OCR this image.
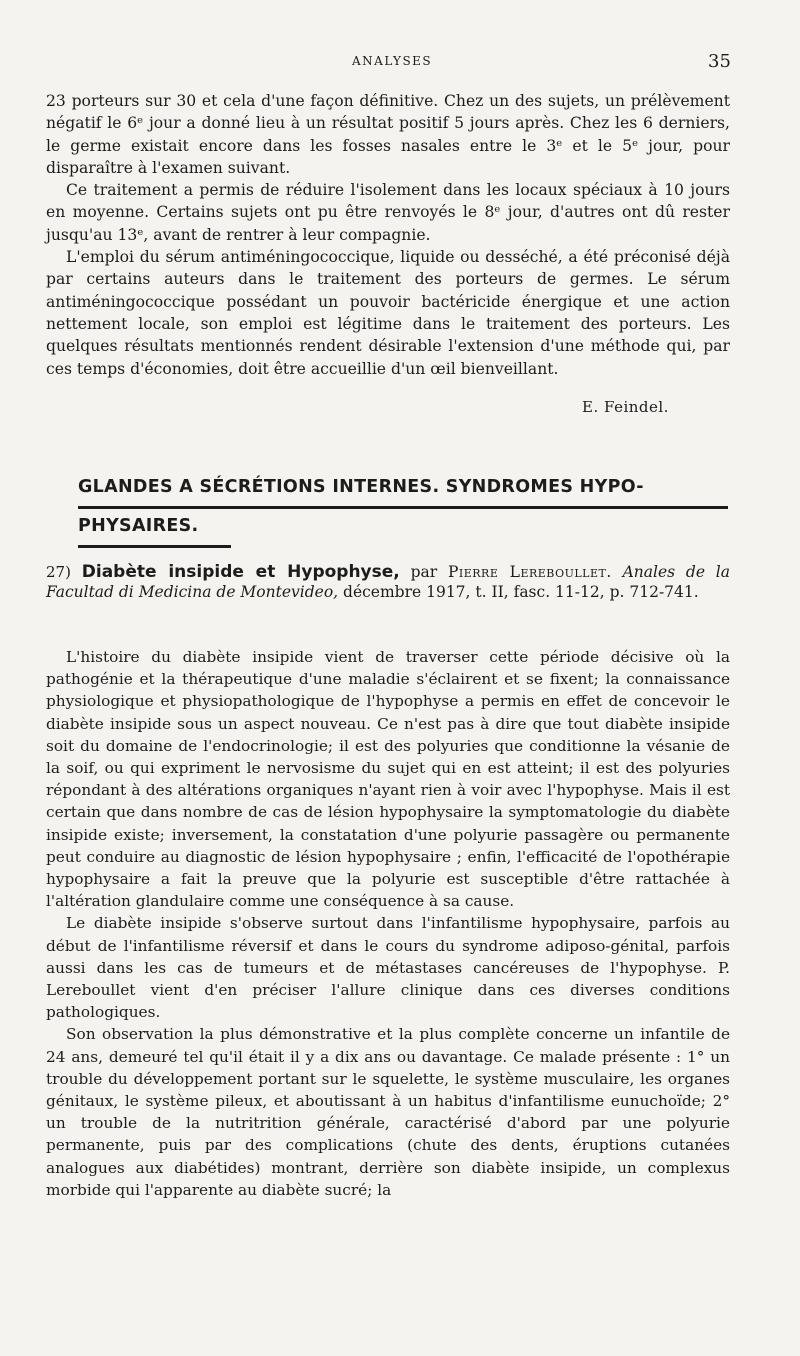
ANALYSES	35

23 porteurs sur 30 et cela d'une façon définitive. Chez un des sujets, un prélèvement négatif le 6ᵉ jour a donné lieu à un résultat positif 5 jours après. Chez les 6 derniers, le germe existait encore dans les fosses nasales entre le 3ᵉ et le 5ᵉ jour, pour disparaître à l'examen suivant.

Ce traitement a permis de réduire l'isolement dans les locaux spéciaux à 10 jours en moyenne. Certains sujets ont pu être renvoyés le 8ᵉ jour, d'autres ont dû rester jusqu'au 13ᵉ, avant de rentrer à leur compagnie.

L'emploi du sérum antiméningococcique, liquide ou desséché, a été préconisé déjà par certains auteurs dans le traitement des porteurs de germes. Le sérum antiméningococcique possédant un pouvoir bactéricide énergique et une action nettement locale, son emploi est légitime dans le traitement des porteurs. Les quelques résultats mentionnés rendent désirable l'extension d'une méthode qui, par ces temps d'économies, doit être accueillie d'un œil bienveillant.

E. Feindel.
GLANDES A SÉCRÉTIONS INTERNES. SYNDROMES HYPO-
PHYSAIRES.
27) Diabète insipide et Hypophyse, par Pierre Lereboullet. Anales de la Facultad di Medicina de Montevideo, décembre 1917, t. II, fasc. 11-12, p. 712-741.

L'histoire du diabète insipide vient de traverser cette période décisive où la pathogénie et la thérapeutique d'une maladie s'éclairent et se fixent; la connaissance physiologique et physiopathologique de l'hypophyse a permis en effet de concevoir le diabète insipide sous un aspect nouveau. Ce n'est pas à dire que tout diabète insipide soit du domaine de l'endocrinologie; il est des polyuries que conditionne la vésanie de la soif, ou qui expriment le nervosisme du sujet qui en est atteint; il est des polyuries répondant à des altérations organiques n'ayant rien à voir avec l'hypophyse. Mais il est certain que dans nombre de cas de lésion hypophysaire la symptomatologie du diabète insipide existe; inversement, la constatation d'une polyurie passagère ou permanente peut conduire au diagnostic de lésion hypophysaire ; enfin, l'efficacité de l'opothérapie hypophysaire a fait la preuve que la polyurie est susceptible d'être rattachée à l'altération glandulaire comme une conséquence à sa cause.

Le diabète insipide s'observe surtout dans l'infantilisme hypophysaire, parfois au début de l'infantilisme réversif et dans le cours du syndrome adiposo-génital, parfois aussi dans les cas de tumeurs et de métastases cancéreuses de l'hypophyse. P. Lereboullet vient d'en préciser l'allure clinique dans ces diverses conditions pathologiques.

Son observation la plus démonstrative et la plus complète concerne un infantile de 24 ans, demeuré tel qu'il était il y a dix ans ou davantage. Ce malade présente : 1° un trouble du développement portant sur le squelette, le système musculaire, les organes génitaux, le système pileux, et aboutissant à un habitus d'infantilisme eunuchoïde; 2° un trouble de la nutritrition générale, caractérisé d'abord par une polyurie permanente, puis par des complications (chute des dents, éruptions cutanées analogues aux diabétides) montrant, derrière son diabète insipide, un complexus morbide qui l'apparente au diabète sucré; la
